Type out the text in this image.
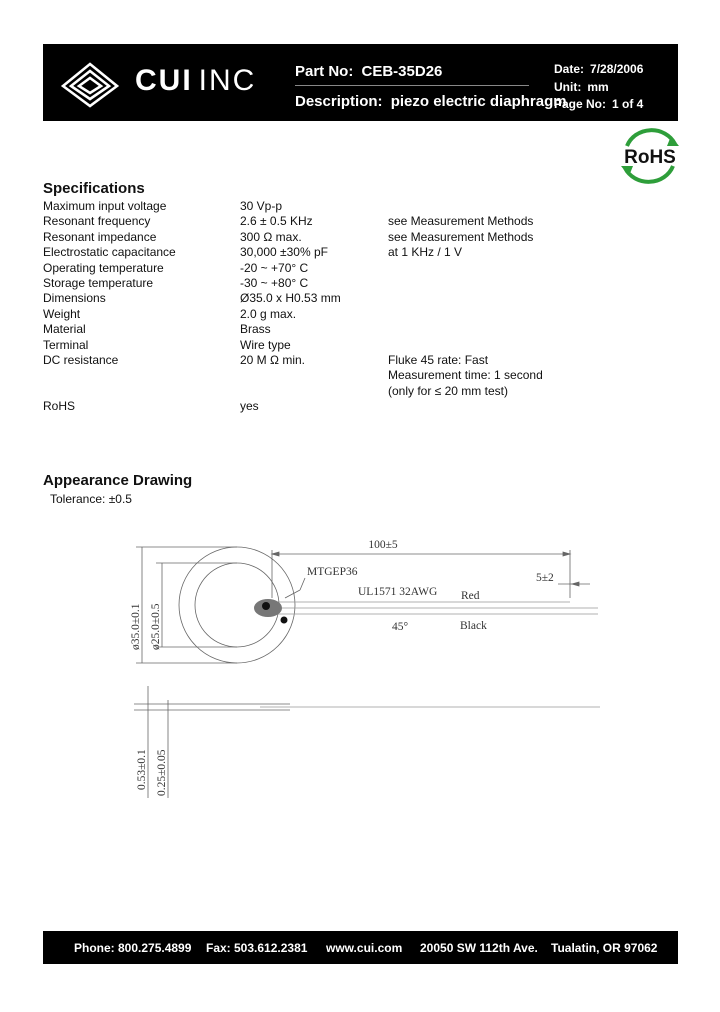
CUI INC	Part No: CEB-35D26
Description: piezo electric diaphragm
Date: 7/28/2006
Unit: mm
Page No: 1 of 4
RoHS
Specifications
Maximum input voltage	30 Vp-p
Resonant frequency	2.6 ± 0.5 KHz	see Measurement Methods
Resonant impedance	300 Ω max.	see Measurement Methods
Electrostatic capacitance	30,000 ±30% pF	at 1 KHz / 1 V
Operating temperature	-20 ~ +70° C
Storage temperature	-30 ~ +80° C
Dimensions	Ø35.0 x H0.53 mm
Weight	2.0 g max.
Material	Brass
Terminal	Wire type
DC resistance	20 M Ω min.	Fluke 45 rate: Fast
Measurement time: 1 second
(only for ≤ 20 mm test)
RoHS	yes
Appearance Drawing
Tolerance: ±0.5
100±5
5±2
MTGEP36
UL1571 32AWG Red
Black
45°
ø35.0±0.1 ø25.0±0.5
0.53±0.1 0.25±0.05
Phone: 800.275.4899 Fax: 503.612.2381 www.cui.com 20050 SW 112th Ave. Tualatin, OR 97062
